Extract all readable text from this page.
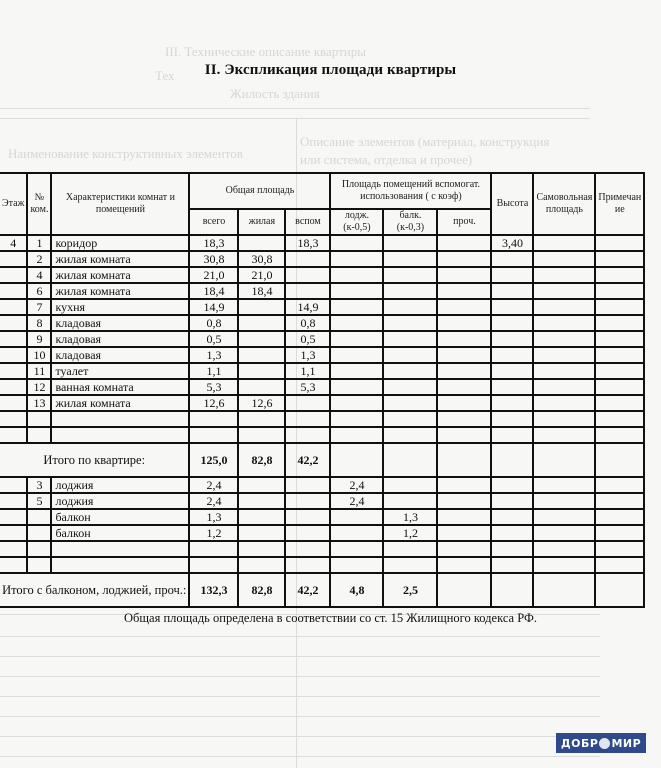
III. Технические описание квартиры
Тех
Жилость здания
Наименование конструктивных элементов
Описание элементов (материал, конструкция
или система, отделка и прочее)
II. Экспликация площади квартиры
Этаж	№ ком.	Характеристики комнат и помещений	Общая площадь			Площадь помещений вспомогат. использования ( с коэф)			Высота	Самовольная площадь	Примечан ие
			всего	жилая	вспом	лодж.(к-0,5)	балк. (к-0,3)	проч.			
4	1	коридор	18,3		18,3				3,40		
	2	жилая комната	30,8	30,8							
	4	жилая комната	21,0	21,0							
	6	жилая комната	18,4	18,4							
	7	кухня	14,9		14,9						
	8	кладовая	0,8		0,8						
	9	кладовая	0,5		0,5						
	10	кладовая	1,3		1,3						
	11	туалет	1,1		1,1						
	12	ванная комната	5,3		5,3						
	13	жилая комната	12,6	12,6							

Итого по квартире:			125,0	82,8	42,2						
	3	лоджия	2,4			2,4					
	5	лоджия	2,4			2,4					
		балкон	1,3				1,3				
		балкон	1,2				1,2				

Итого с балконом, лоджией, проч.:			132,3	82,8	42,2	4,8	2,5				
Общая площадь определена в соответствии со ст. 15 Жилищного кодекса РФ.
ДОБР МИР
